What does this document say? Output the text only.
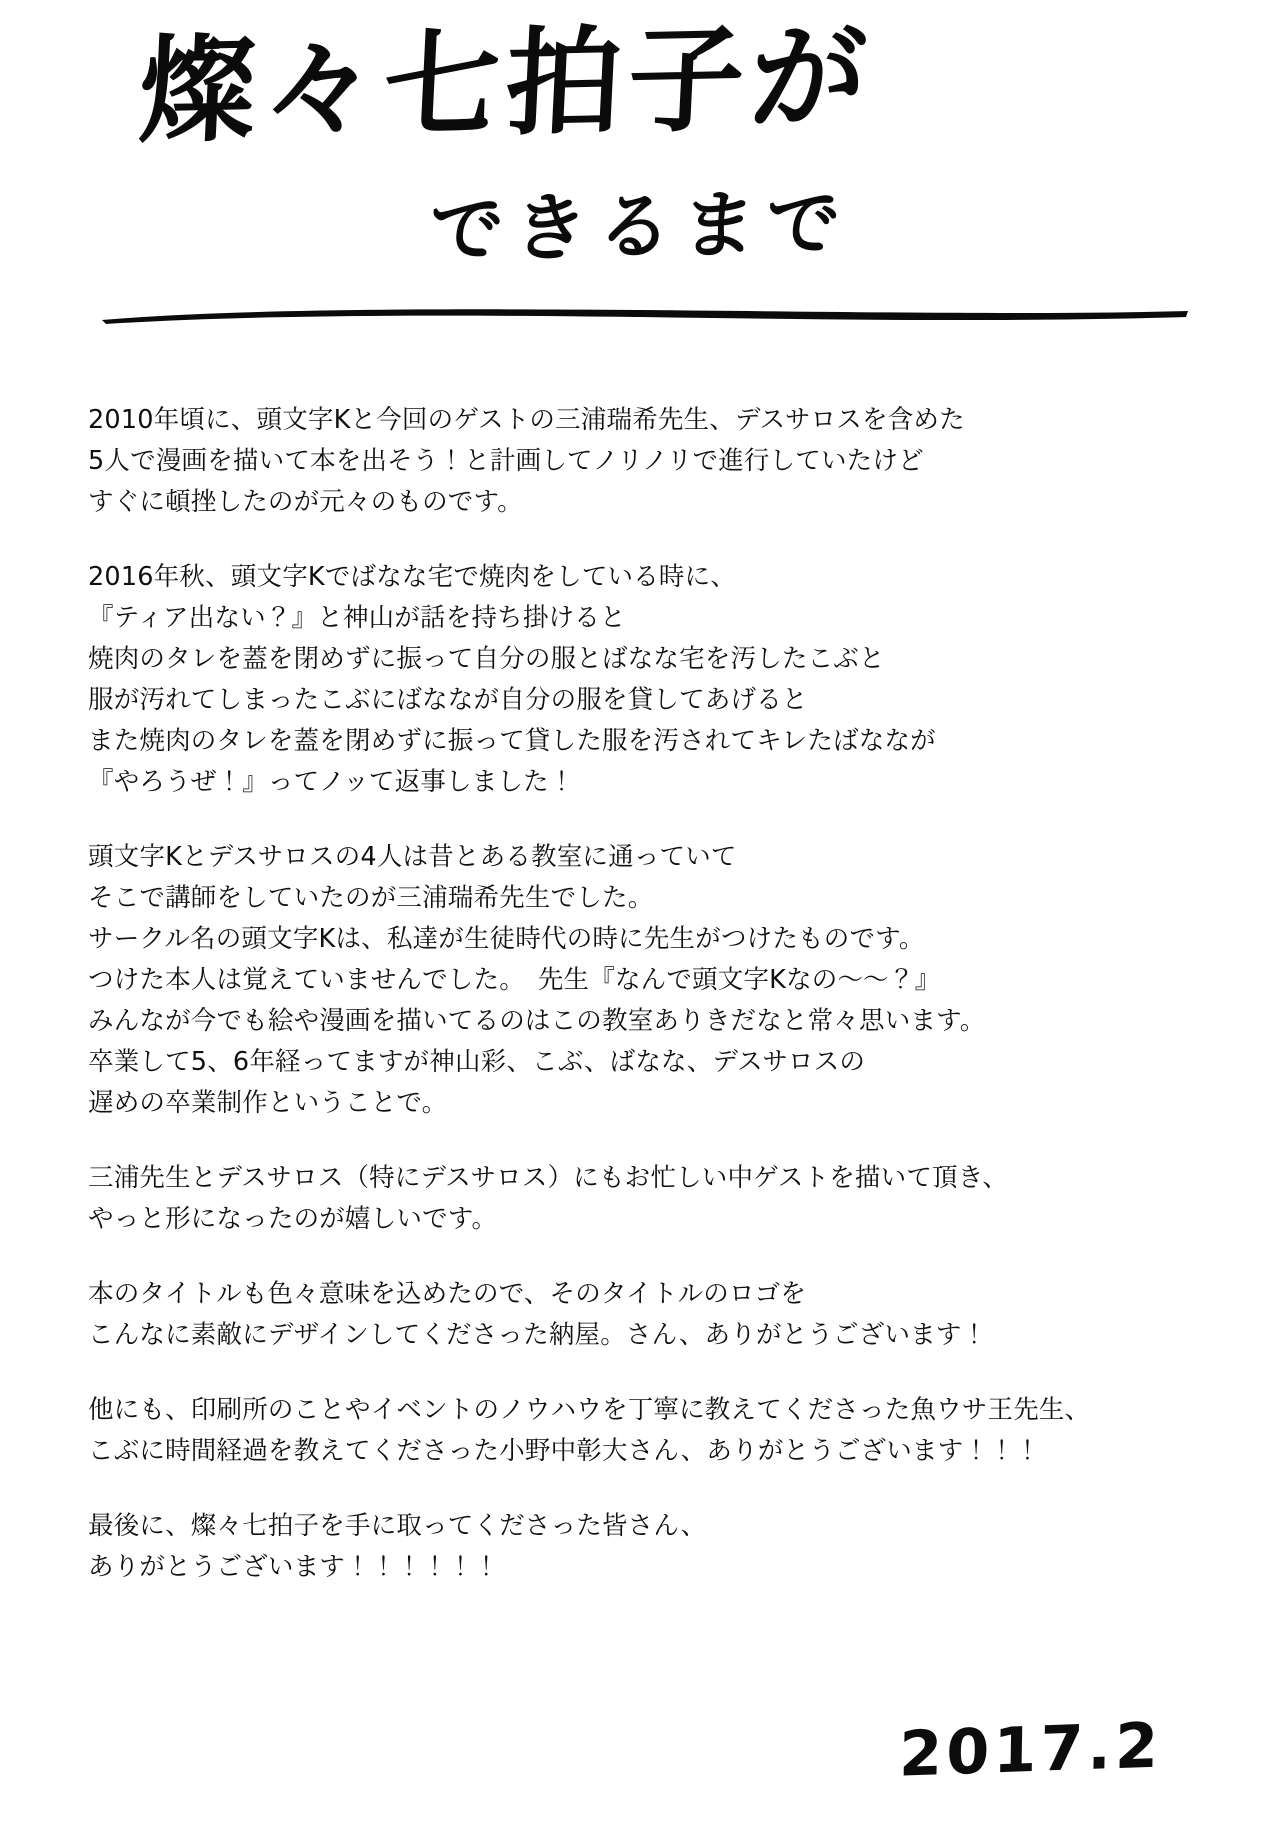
燦々七拍子が
できるまで

2010年頃に、頭文字Kと今回のゲストの三浦瑞希先生、デスサロスを含めた

5人で漫画を描いて本を出そう！と計画してノリノリで進行していたけど

すぐに頓挫したのが元々のものです。

2016年秋、頭文字Kでばなな宅で焼肉をしている時に、

『ティア出ない？』と神山が話を持ち掛けると

焼肉のタレを蓋を閉めずに振って自分の服とばなな宅を汚したこぶと

服が汚れてしまったこぶにばななが自分の服を貸してあげると

また焼肉のタレを蓋を閉めずに振って貸した服を汚されてキレたばななが

『やろうぜ！』ってノッて返事しました！

頭文字Kとデスサロスの4人は昔とある教室に通っていて

そこで講師をしていたのが三浦瑞希先生でした。

サークル名の頭文字Kは、私達が生徒時代の時に先生がつけたものです。

つけた本人は覚えていませんでした。　先生『なんで頭文字Kなの〜〜？』

みんなが今でも絵や漫画を描いてるのはこの教室ありきだなと常々思います。

卒業して5、6年経ってますが神山彩、こぶ、ばなな、デスサロスの

遅めの卒業制作ということで。

三浦先生とデスサロス（特にデスサロス）にもお忙しい中ゲストを描いて頂き、

やっと形になったのが嬉しいです。

本のタイトルも色々意味を込めたので、そのタイトルのロゴを

こんなに素敵にデザインしてくださった納屋。さん、ありがとうございます！

他にも、印刷所のことやイベントのノウハウを丁寧に教えてくださった魚ウサ王先生、

こぶに時間経過を教えてくださった小野中彰大さん、ありがとうございます！！！

最後に、燦々七拍子を手に取ってくださった皆さん、

ありがとうございます！！！！！！

2017.2
